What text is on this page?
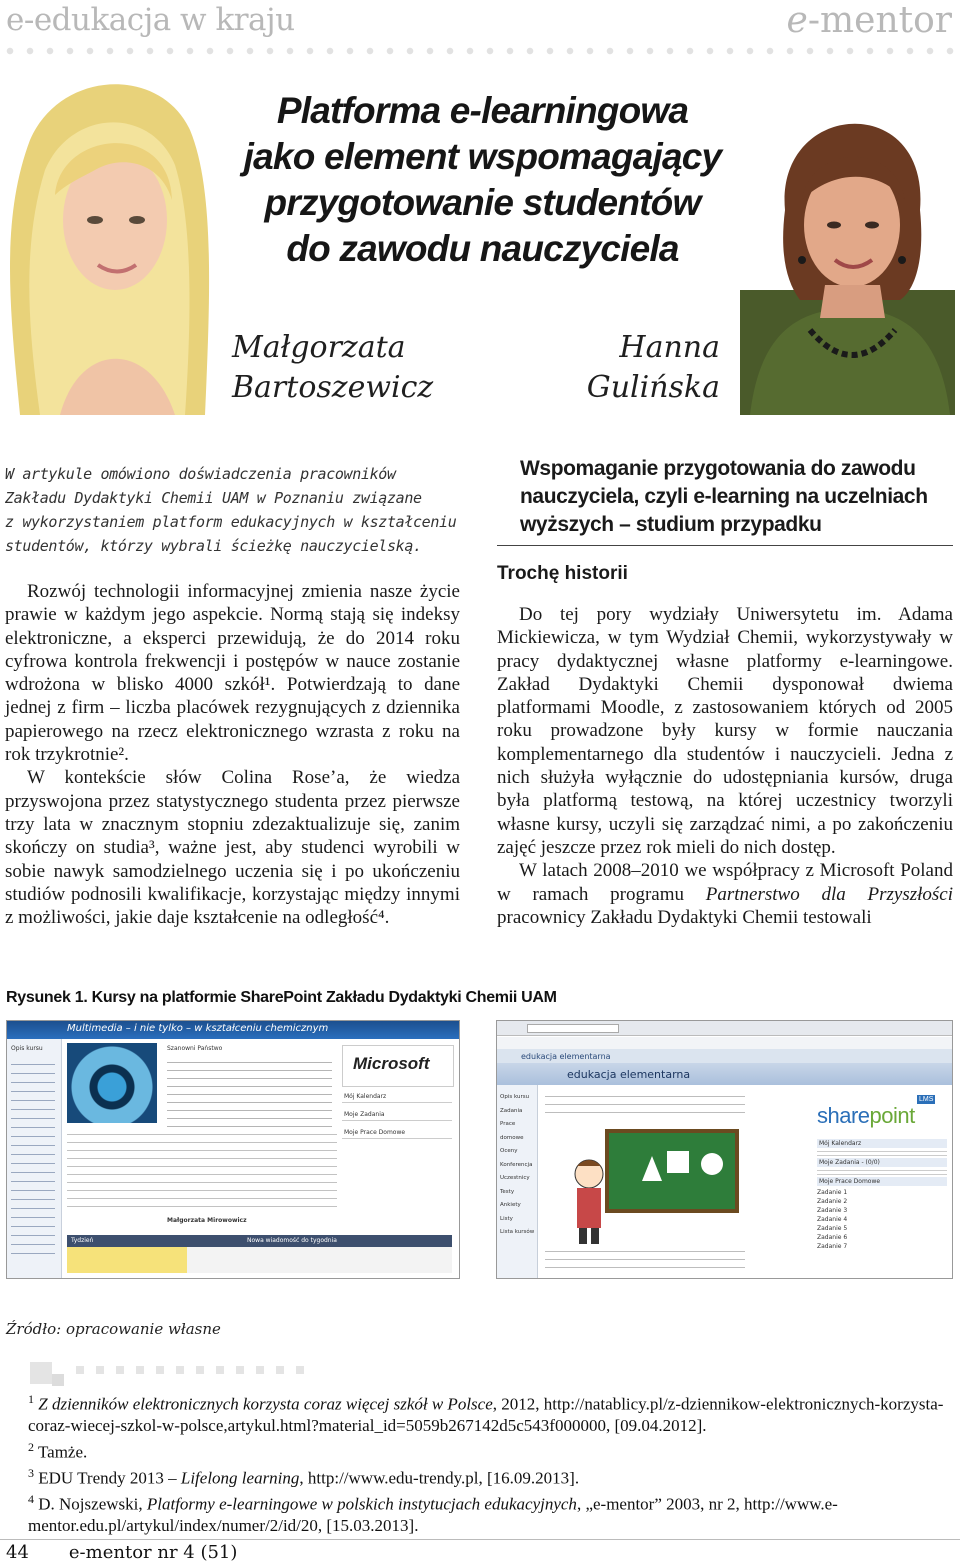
e-edukacja w kraju	e-mentor
Platforma e-learningowa
jako element wspomagający
przygotowanie studentów
do zawodu nauczyciela
Małgorzata
Bartoszewicz
Hanna
Gulińska
W artykule omówiono doświadczenia pracowników
Zakładu Dydaktyki Chemii UAM w Poznaniu związane
z wykorzystaniem platform edukacyjnych w kształceniu
studentów, którzy wybrali ścieżkę nauczycielską.

Rozwój technologii informacyjnej zmienia nasze życie prawie w każdym jego aspekcie. Normą stają się indeksy elektroniczne, a eksperci przewidują, że do 2014 roku cyfrowa kontrola frekwencji i postępów w nauce zostanie wdrożona w blisko 4000 szkół¹. Potwierdzają to dane jednej z firm – liczba placówek rezygnujących z dziennika papierowego na rzecz elektronicznego wzrasta z roku na rok trzykrotnie².

W kontekście słów Colina Rose’a, że wiedza przyswojona przez statystycznego studenta przez pierwsze trzy lata w znacznym stopniu zdezaktualizuje się, zanim skończy on studia³, ważne jest, aby studenci wyrobili w sobie nawyk samodzielnego uczenia się i po ukończeniu studiów podnosili kwalifikacje, korzystając między innymi z możliwości, jakie daje kształcenie na odległość⁴.

Wspomaganie przygotowania do zawodu
nauczyciela, czyli e-learning na uczelniach
wyższych – studium przypadku
Trochę historii

Do tej pory wydziały Uniwersytetu im. Adama Mickiewicza, w tym Wydział Chemii, wykorzystywały w pracy dydaktycznej własne platformy e-learningowe. Zakład Dydaktyki Chemii dysponował dwiema platformami Moodle, z zastosowaniem których od 2005 roku prowadzone były kursy w formie nauczania komplementarnego dla studentów i nauczycieli. Jedna z nich służyła wyłącznie do udostępniania kursów, druga była platformą testową, na której uczestnicy tworzyli własne kursy, uczyli się zarządzać nimi, a po zakończeniu zajęć jeszcze przez rok mieli do nich dostęp.

W latach 2008–2010 we współpracy z Microsoft Poland w ramach programu Partnerstwo dla Przyszłości pracownicy Zakładu Dydaktyki Chemii testowali

Rysunek 1. Kursy na platformie SharePoint Zakładu Dydaktyki Chemii UAM
Multimedia – i nie tylko – w kształceniu chemicznym
Opis kursu	Szanowni Państwo
Microsoft
Mój Kalendarz
Moje Zadania
Moje Prace Domowe
Małgorzata Mirowowicz
Tydzień	Nowa wiadomość do tygodnia
edukacja elementarna
edukacja elementarna
Opis kursu
Zadania
Prace domowe
Oceny
Konferencja
Uczestnicy
Testy
Ankiety
Listy
Lista kursów
sharepoint
LMS
Mój Kalendarz
Moje Zadania - (0/0)
Moje Prace Domowe
Zadanie 1
Zadanie 2
Zadanie 3
Zadanie 4
Zadanie 5
Zadanie 6
Zadanie 7
Źródło: opracowanie własne

$^1$ Z dzienników elektronicznych korzysta coraz więcej szkół w Polsce, 2012, http://natablicy.pl/z-dziennikow-elektronicznych-korzysta-coraz-wiecej-szkol-w-polsce,artykul.html?material_id=5059b267142d5c543f000000, [09.04.2012].

$^2$ Tamże.

$^3$ EDU Trendy 2013 – Lifelong learning, http://www.edu-trendy.pl, [16.09.2013].

$^4$ D. Nojszewski, Platformy e-learningowe w polskich instytucjach edukacyjnych, „e-mentor” 2003, nr 2, http://www.e-mentor.edu.pl/artykul/index/numer/2/id/20, [15.03.2013].

44 e-mentor nr 4 (51)
